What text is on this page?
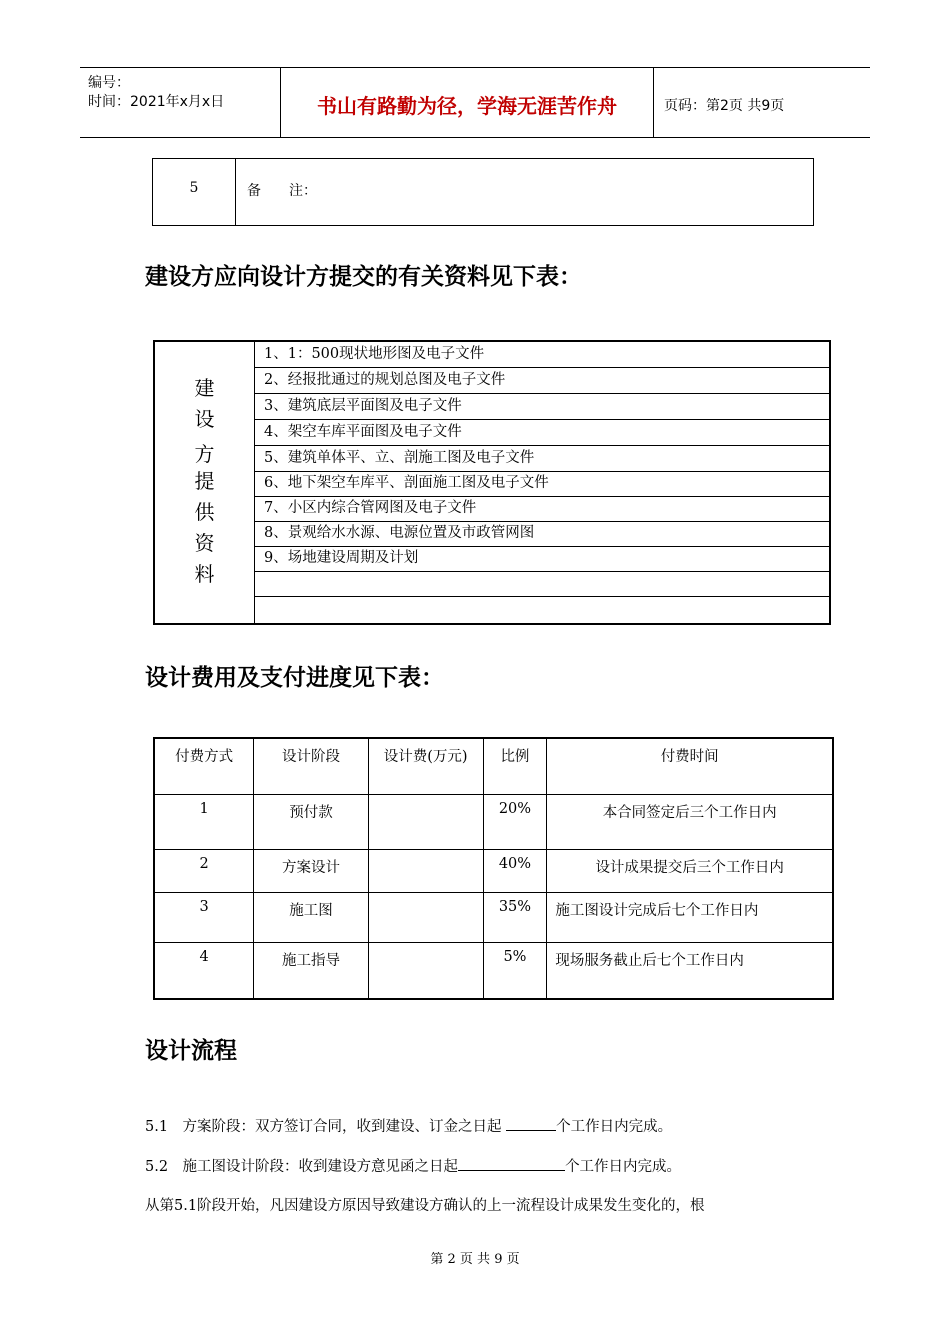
编号：
时间：2021年x月x日	书山有路勤为径，学海无涯苦作舟	页码：第2页 共9页
5	备　　注：
建设方应向设计方提交的有关资料见下表：
建
设
方
提
供
资
料
1、1：500现状地形图及电子文件
2、经报批通过的规划总图及电子文件
3、建筑底层平面图及电子文件
4、架空车库平面图及电子文件
5、建筑单体平、立、剖施工图及电子文件
6、地下架空车库平、剖面施工图及电子文件
7、小区内综合管网图及电子文件
8、景观给水水源、电源位置及市政管网图
9、场地建设周期及计划
设计费用及支付进度见下表：
付费方式	设计阶段	设计费(万元)	比例	付费时间
1	预付款		20%	本合同签定后三个工作日内
2	方案设计		40%	设计成果提交后三个工作日内
3	施工图		35%	施工图设计完成后七个工作日内
4	施工指导		5%	现场服务截止后七个工作日内
设计流程
5.1　方案阶段：双方签订合同，收到建设、订金之日起	个工作日内完成。
5.2　施工图设计阶段：收到建设方意见函之日起	个工作日内完成。
从第5.1阶段开始，凡因建设方原因导致建设方确认的上一流程设计成果发生变化的，根
第 2 页 共 9 页
